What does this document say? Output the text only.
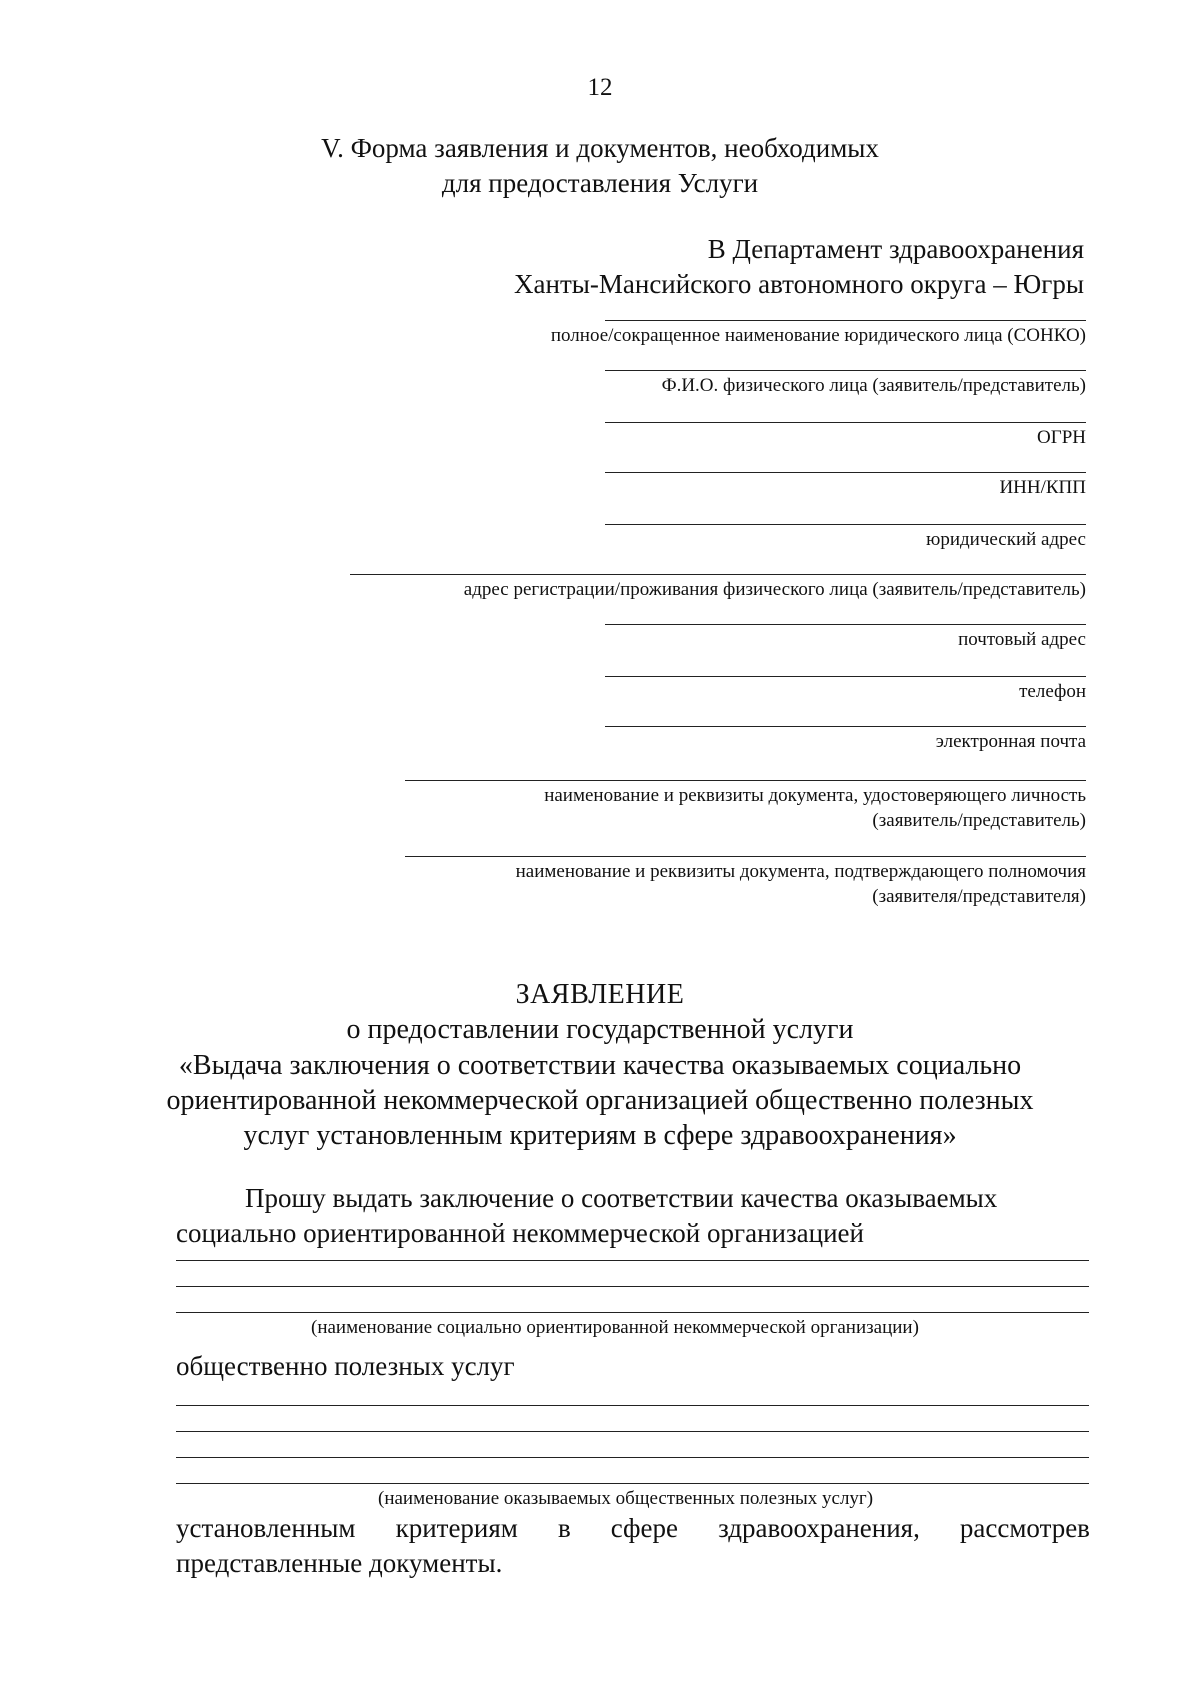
12
V. Форма заявления и документов, необходимых
для предоставления Услуги
В Департамент здравоохранения
Ханты-Мансийского автономного округа – Югры
полное/сокращенное наименование юридического лица (СОНКО)
Ф.И.О. физического лица (заявитель/представитель)
ОГРН
ИНН/КПП
юридический адрес
адрес регистрации/проживания физического лица (заявитель/представитель)
почтовый адрес
телефон
электронная почта
наименование и реквизиты документа, удостоверяющего личность
(заявитель/представитель)
наименование и реквизиты документа, подтверждающего полномочия
(заявителя/представителя)
ЗАЯВЛЕНИЕ
о предоставлении государственной услуги
«Выдача заключения о соответствии качества оказываемых социально
ориентированной некоммерческой организацией общественно полезных
услуг установленным критериям в сфере здравоохранения»
Прошу выдать заключение о соответствии качества оказываемых
социально ориентированной некоммерческой организацией
(наименование социально ориентированной некоммерческой организации)
общественно полезных услуг
(наименование оказываемых общественных полезных услуг)
установленным критериям в сфере здравоохранения, рассмотрев
представленные документы.
